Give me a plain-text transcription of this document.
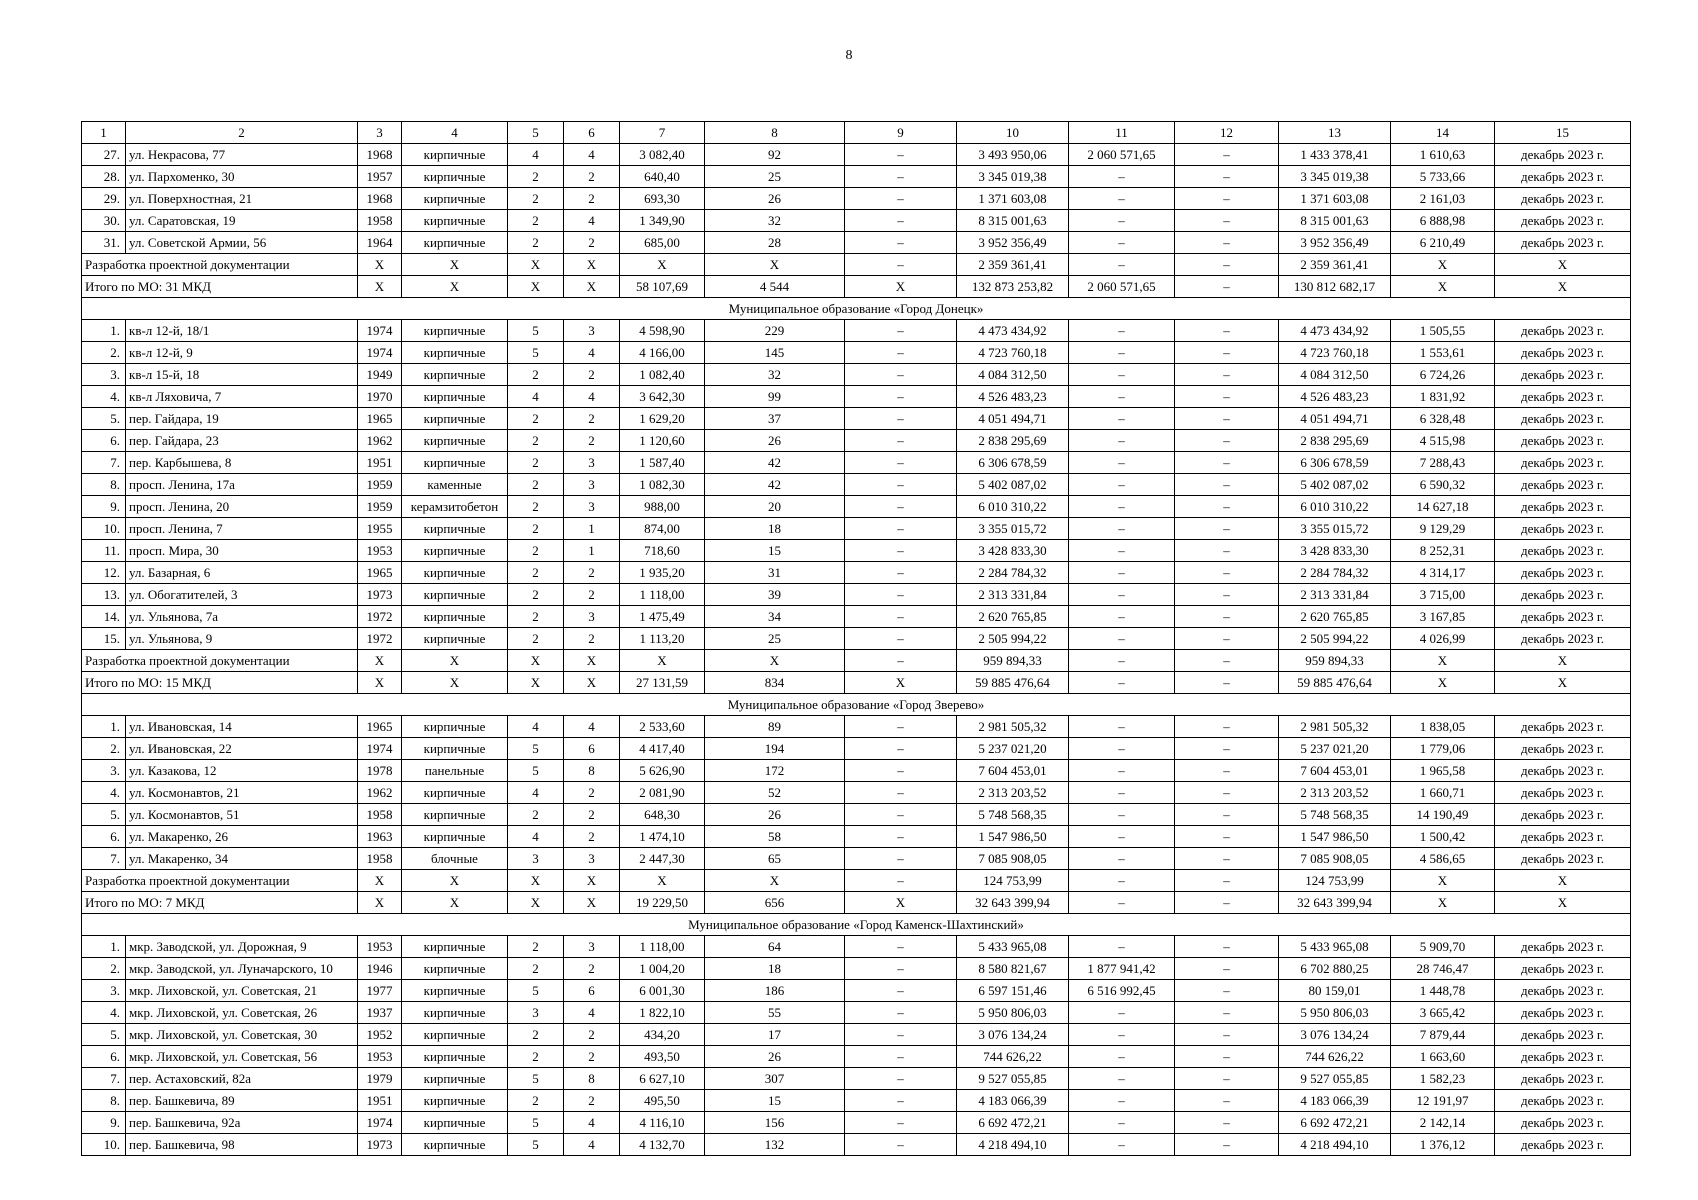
8
1	2	3	4	5	6	7	8	9	10	11	12	13	14	15
27.	ул. Некрасова, 77	1968	кирпичные	4	4	3 082,40	92	–	3 493 950,06	2 060 571,65	–	1 433 378,41	1 610,63	декабрь 2023 г.
28.	ул. Пархоменко, 30	1957	кирпичные	2	2	640,40	25	–	3 345 019,38	–	–	3 345 019,38	5 733,66	декабрь 2023 г.
29.	ул. Поверхностная, 21	1968	кирпичные	2	2	693,30	26	–	1 371 603,08	–	–	1 371 603,08	2 161,03	декабрь 2023 г.
30.	ул. Саратовская, 19	1958	кирпичные	2	4	1 349,90	32	–	8 315 001,63	–	–	8 315 001,63	6 888,98	декабрь 2023 г.
31.	ул. Советской Армии, 56	1964	кирпичные	2	2	685,00	28	–	3 952 356,49	–	–	3 952 356,49	6 210,49	декабрь 2023 г.
Разработка проектной документации		X	X	X	X	X	X	–	2 359 361,41	–	–	2 359 361,41	X	X
Итого по МО: 31 МКД		X	X	X	X	58 107,69	4 544	X	132 873 253,82	2 060 571,65	–	130 812 682,17	X	X
Муниципальное образование «Город Донецк»														
1.	кв-л 12-й, 18/1	1974	кирпичные	5	3	4 598,90	229	–	4 473 434,92	–	–	4 473 434,92	1 505,55	декабрь 2023 г.
2.	кв-л 12-й, 9	1974	кирпичные	5	4	4 166,00	145	–	4 723 760,18	–	–	4 723 760,18	1 553,61	декабрь 2023 г.
3.	кв-л 15-й, 18	1949	кирпичные	2	2	1 082,40	32	–	4 084 312,50	–	–	4 084 312,50	6 724,26	декабрь 2023 г.
4.	кв-л Ляховича, 7	1970	кирпичные	4	4	3 642,30	99	–	4 526 483,23	–	–	4 526 483,23	1 831,92	декабрь 2023 г.
5.	пер. Гайдара, 19	1965	кирпичные	2	2	1 629,20	37	–	4 051 494,71	–	–	4 051 494,71	6 328,48	декабрь 2023 г.
6.	пер. Гайдара, 23	1962	кирпичные	2	2	1 120,60	26	–	2 838 295,69	–	–	2 838 295,69	4 515,98	декабрь 2023 г.
7.	пер. Карбышева, 8	1951	кирпичные	2	3	1 587,40	42	–	6 306 678,59	–	–	6 306 678,59	7 288,43	декабрь 2023 г.
8.	просп. Ленина, 17а	1959	каменные	2	3	1 082,30	42	–	5 402 087,02	–	–	5 402 087,02	6 590,32	декабрь 2023 г.
9.	просп. Ленина, 20	1959	керамзитобетон	2	3	988,00	20	–	6 010 310,22	–	–	6 010 310,22	14 627,18	декабрь 2023 г.
10.	просп. Ленина, 7	1955	кирпичные	2	1	874,00	18	–	3 355 015,72	–	–	3 355 015,72	9 129,29	декабрь 2023 г.
11.	просп. Мира, 30	1953	кирпичные	2	1	718,60	15	–	3 428 833,30	–	–	3 428 833,30	8 252,31	декабрь 2023 г.
12.	ул. Базарная, 6	1965	кирпичные	2	2	1 935,20	31	–	2 284 784,32	–	–	2 284 784,32	4 314,17	декабрь 2023 г.
13.	ул. Обогатителей, 3	1973	кирпичные	2	2	1 118,00	39	–	2 313 331,84	–	–	2 313 331,84	3 715,00	декабрь 2023 г.
14.	ул. Ульянова, 7а	1972	кирпичные	2	3	1 475,49	34	–	2 620 765,85	–	–	2 620 765,85	3 167,85	декабрь 2023 г.
15.	ул. Ульянова, 9	1972	кирпичные	2	2	1 113,20	25	–	2 505 994,22	–	–	2 505 994,22	4 026,99	декабрь 2023 г.
Разработка проектной документации		X	X	X	X	X	X	–	959 894,33	–	–	959 894,33	X	X
Итого по МО: 15 МКД		X	X	X	X	27 131,59	834	X	59 885 476,64	–	–	59 885 476,64	X	X
Муниципальное образование «Город Зверево»														
1.	ул. Ивановская, 14	1965	кирпичные	4	4	2 533,60	89	–	2 981 505,32	–	–	2 981 505,32	1 838,05	декабрь 2023 г.
2.	ул. Ивановская, 22	1974	кирпичные	5	6	4 417,40	194	–	5 237 021,20	–	–	5 237 021,20	1 779,06	декабрь 2023 г.
3.	ул. Казакова, 12	1978	панельные	5	8	5 626,90	172	–	7 604 453,01	–	–	7 604 453,01	1 965,58	декабрь 2023 г.
4.	ул. Космонавтов, 21	1962	кирпичные	4	2	2 081,90	52	–	2 313 203,52	–	–	2 313 203,52	1 660,71	декабрь 2023 г.
5.	ул. Космонавтов, 51	1958	кирпичные	2	2	648,30	26	–	5 748 568,35	–	–	5 748 568,35	14 190,49	декабрь 2023 г.
6.	ул. Макаренко, 26	1963	кирпичные	4	2	1 474,10	58	–	1 547 986,50	–	–	1 547 986,50	1 500,42	декабрь 2023 г.
7.	ул. Макаренко, 34	1958	блочные	3	3	2 447,30	65	–	7 085 908,05	–	–	7 085 908,05	4 586,65	декабрь 2023 г.
Разработка проектной документации		X	X	X	X	X	X	–	124 753,99	–	–	124 753,99	X	X
Итого по МО: 7 МКД		X	X	X	X	19 229,50	656	X	32 643 399,94	–	–	32 643 399,94	X	X
Муниципальное образование «Город Каменск-Шахтинский»														
1.	мкр. Заводской, ул. Дорожная, 9	1953	кирпичные	2	3	1 118,00	64	–	5 433 965,08	–	–	5 433 965,08	5 909,70	декабрь 2023 г.
2.	мкр. Заводской, ул. Луначарского, 10	1946	кирпичные	2	2	1 004,20	18	–	8 580 821,67	1 877 941,42	–	6 702 880,25	28 746,47	декабрь 2023 г.
3.	мкр. Лиховской, ул. Советская, 21	1977	кирпичные	5	6	6 001,30	186	–	6 597 151,46	6 516 992,45	–	80 159,01	1 448,78	декабрь 2023 г.
4.	мкр. Лиховской, ул. Советская, 26	1937	кирпичные	3	4	1 822,10	55	–	5 950 806,03	–	–	5 950 806,03	3 665,42	декабрь 2023 г.
5.	мкр. Лиховской, ул. Советская, 30	1952	кирпичные	2	2	434,20	17	–	3 076 134,24	–	–	3 076 134,24	7 879,44	декабрь 2023 г.
6.	мкр. Лиховской, ул. Советская, 56	1953	кирпичные	2	2	493,50	26	–	744 626,22	–	–	744 626,22	1 663,60	декабрь 2023 г.
7.	пер. Астаховский, 82а	1979	кирпичные	5	8	6 627,10	307	–	9 527 055,85	–	–	9 527 055,85	1 582,23	декабрь 2023 г.
8.	пер. Башкевича, 89	1951	кирпичные	2	2	495,50	15	–	4 183 066,39	–	–	4 183 066,39	12 191,97	декабрь 2023 г.
9.	пер. Башкевича, 92а	1974	кирпичные	5	4	4 116,10	156	–	6 692 472,21	–	–	6 692 472,21	2 142,14	декабрь 2023 г.
10.	пер. Башкевича, 98	1973	кирпичные	5	4	4 132,70	132	–	4 218 494,10	–	–	4 218 494,10	1 376,12	декабрь 2023 г.
